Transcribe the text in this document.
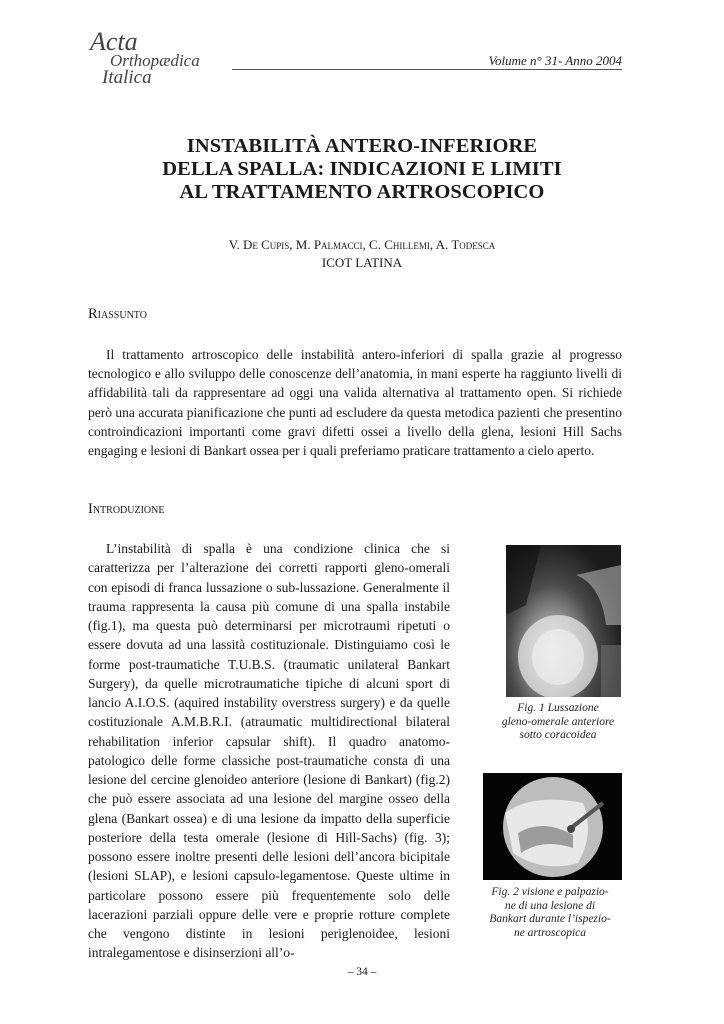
Acta
Orthopædica
Italica
Volume n° 31- Anno 2004
INSTABILITÀ ANTERO-INFERIORE
DELLA SPALLA: INDICAZIONI E LIMITI
AL TRATTAMENTO ARTROSCOPICO
V. De Cupis, M. Palmacci, C. Chillemi, A. Todesca
ICOT LATINA
Riassunto

Il trattamento artroscopico delle instabilità antero-inferiori di spalla grazie al progresso tecnologico e allo sviluppo delle conoscenze dell’anatomia, in mani esperte ha raggiunto livelli di affidabilità tali da rappresentare ad oggi una valida alternativa al trattamento open. Si richiede però una accurata pianificazione che punti ad escludere da questa metodica pazienti che presentino controindicazioni importanti come gravi difetti ossei a livello della glena, lesioni Hill Sachs engaging e lesioni di Bankart ossea per i quali preferiamo praticare trattamento a cielo aperto.

Introduzione

L’instabilità di spalla è una condizione clinica che si caratterizza per l’alterazione dei corretti rapporti gleno-omerali con episodi di franca lussazione o sub-lussazione. Generalmente il trauma rappresenta la causa più comune di una spalla instabile (fig.1), ma questa può determinarsi per microtraumi ripetuti o essere dovuta ad una lassità costituzionale. Distinguiamo così le forme post-traumatiche T.U.B.S. (traumatic unilateral Bankart Surgery), da quelle microtraumatiche tipiche di alcuni sport di lancio A.I.O.S. (aquired instability overstress surgery) e da quelle costituzionale A.M.B.R.I. (atraumatic multidirectional bilateral rehabilitation inferior capsular shift). Il quadro anatomo-patologico delle forme classiche post-traumatiche consta di una lesione del cercine glenoideo anteriore (lesione di Bankart) (fig.2) che può essere associata ad una lesione del margine osseo della glena (Bankart ossea) e di una lesione da impatto della superficie posteriore della testa omerale (lesione di Hill-Sachs) (fig. 3); possono essere inoltre presenti delle lesioni dell’ancora bicipitale (lesioni SLAP), e lesioni capsulo-legamentose. Queste ultime in particolare possono essere più frequentemente solo delle lacerazioni parziali oppure delle vere e proprie rotture complete che vengono distinte in lesioni periglenoidee, lesioni intralegamentose e disinserzioni all’o-

Fig. 1 Lussazione
gleno-omerale anteriore
sotto coracoidea
Fig. 2 visione e palpazio-
ne di una lesione di
Bankart durante l’ispezio-
ne artroscopica
– 34 –
